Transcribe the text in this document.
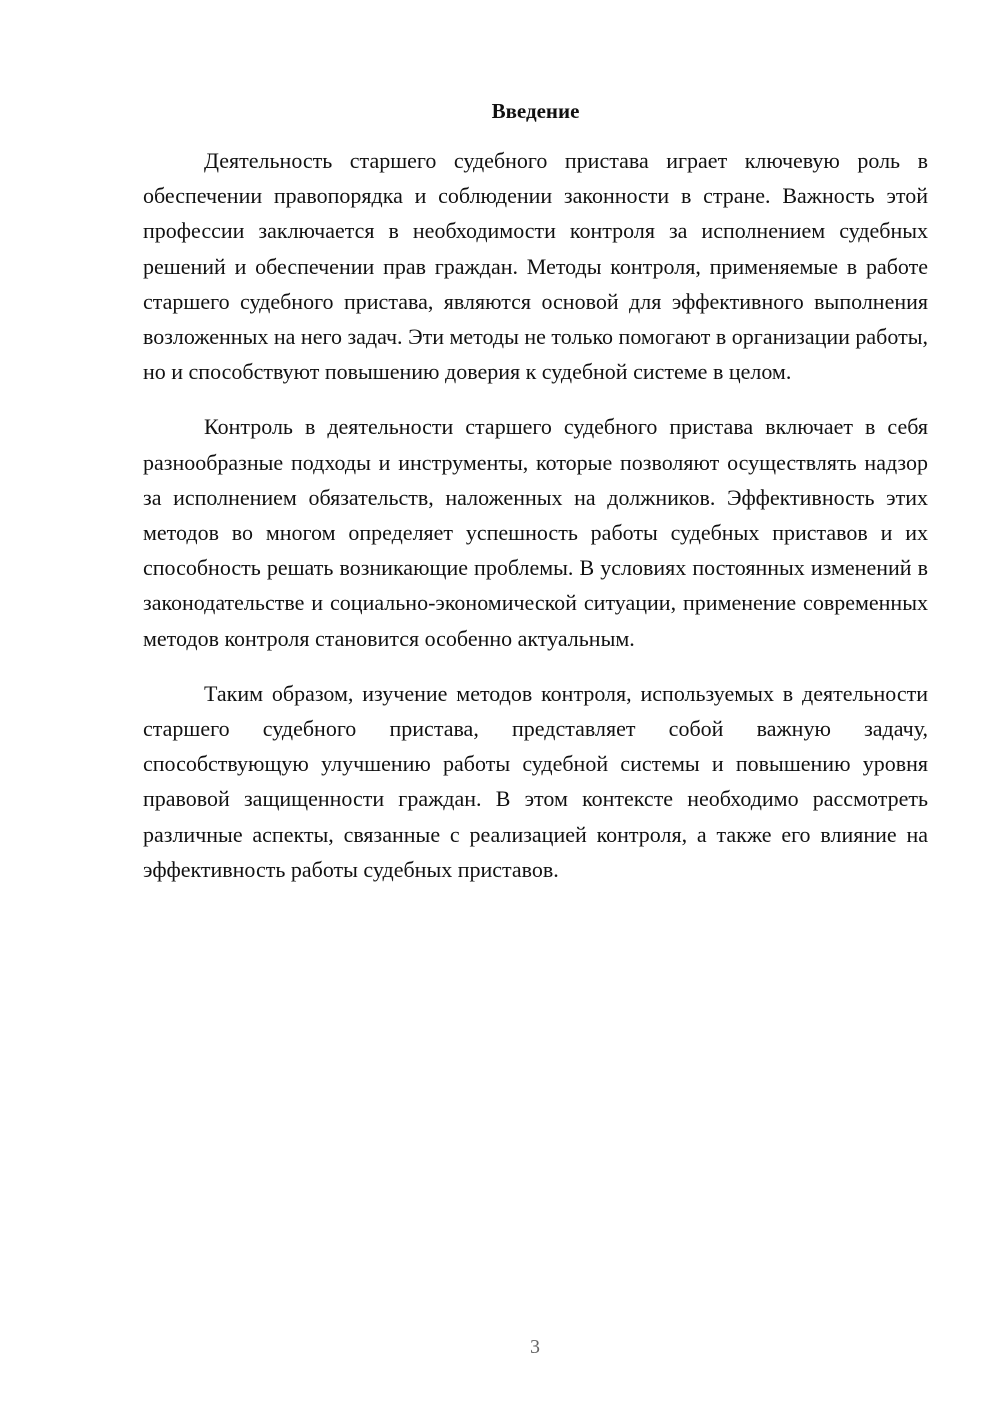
Введение

Деятельность старшего судебного пристава играет ключевую роль в обеспечении правопорядка и соблюдении законности в стране. Важность этой профессии заключается в необходимости контроля за исполнением судебных решений и обеспечении прав граждан. Методы контроля, применяемые в работе старшего судебного пристава, являются основой для эффективного выполнения возложенных на него задач. Эти методы не только помогают в организации работы, но и способствуют повышению доверия к судебной системе в целом.

Контроль в деятельности старшего судебного пристава включает в себя разнообразные подходы и инструменты, которые позволяют осуществлять надзор за исполнением обязательств, наложенных на должников. Эффективность этих методов во многом определяет успешность работы судебных приставов и их способность решать возникающие проблемы. В условиях постоянных изменений в законодательстве и социально-экономической ситуации, применение современных методов контроля становится особенно актуальным.

Таким образом, изучение методов контроля, используемых в деятельности старшего судебного пристава, представляет собой важную задачу, способствующую улучшению работы судебной системы и повышению уровня правовой защищенности граждан. В этом контексте необходимо рассмотреть различные аспекты, связанные с реализацией контроля, а также его влияние на эффективность работы судебных приставов.

3
